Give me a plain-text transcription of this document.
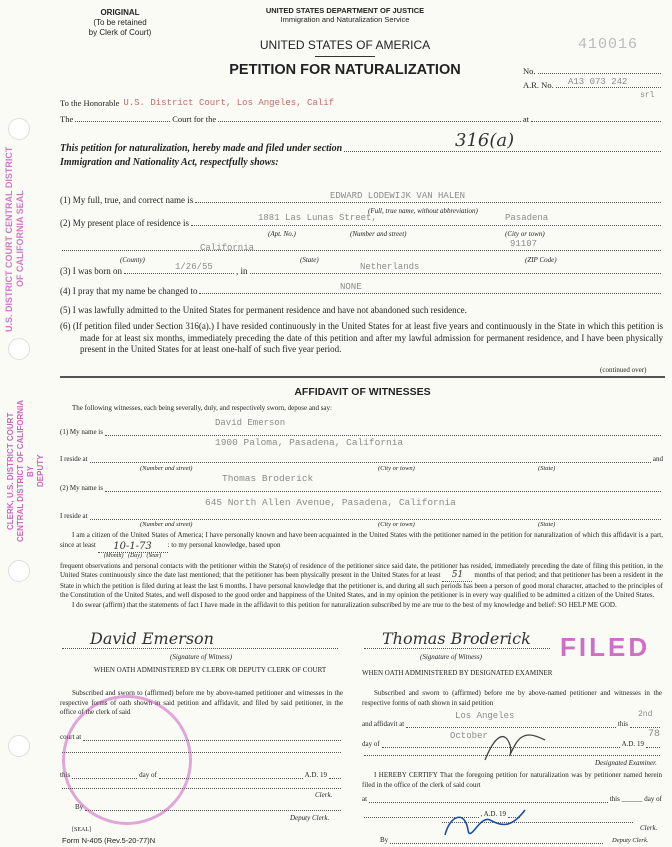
ORIGINAL
(To be retained
by Clerk of Court)
UNITED STATES DEPARTMENT OF JUSTICE
Immigration and Naturalization Service
UNITED STATES OF AMERICA
PETITION FOR NATURALIZATION
410016
No.
A.R. No. A13 073 242
srl
To the Honorable U.S. District Court, Los Angeles, Calif
The	Court for the	at
This petition for naturalization, hereby made and filed under section	316(a)
Immigration and Nationality Act, respectfully shows:
(1) My full, true, and correct name is	EDWARD LODEWIJK VAN HALEN
(Full, true name, without abbreviation)
(2) My present place of residence is	1881 Las Lunas Street,	Pasadena
(Apt. No.)	(Number and street)	(City or town)
91107
California
(County)	(State)	(ZIP Code)
(3) I was born on	, in
1/26/55	Netherlands
(4) I pray that my name be changed to	NONE
(5) I was lawfully admitted to the United States for permanent residence and have not abandoned such residence.
(6) (If petition filed under Section 316(a).) I have resided continuously in the United States for at least five years and continuously in the State in which this petition is made for at least six months, immediately preceding the date of this petition and after my lawful admission for permanent residence, and I have been physically present in the United States for at least one-half of such five year period.
(continued over)
AFFIDAVIT OF WITNESSES
The following witnesses, each being severally, duly, and respectively sworn, depose and say:
(1) My name is
David Emerson
1900 Paloma, Pasadena, California
I reside at	and
(Number and street)	(City or town)	(State)
(2) My name is
Thomas Broderick
645 North Allen Avenue, Pasadena, California
I reside at
(Number and street)	(City or town)	(State)

I am a citizen of the United States of America; I have personally known and have been acquainted in the United States with the petitioner named in the petition for naturalization of which this affidavit is a part, since at least	10-1-73
(Month)   (Day)   (Year)
: to my personal knowledge, based upon

frequent observations and personal contacts with the petitioner within the State(s) of residence of the petitioner since said date, the petitioner has resided, immediately preceding the date of filing this petition, in the United States continuously since the date last mentioned; that the petitioner has been physically present in the United States for at least 51 months of that period; and that petitioner has been a resident in the State in which the petition is filed during at least the last 6 months. I have personal knowledge that the petitioner is, and during all such periods has been a person of good moral character, attached to the principles of the Constitution of the United States, and well disposed to the good order and happiness of the United States, and in my opinion the petitioner is in every way qualified to be admitted a citizen of the United States.

I do swear (affirm) that the statements of fact I have made in the affidavit to this petition for naturalization subscribed by me are true to the best of my knowledge and belief: SO HELP ME GOD.

David Emerson
(Signature of Witness)
Thomas Broderick
(Signature of Witness)
WHEN OATH ADMINISTERED BY CLERK OR DEPUTY CLERK OF COURT
Subscribed and sworn to (affirmed) before me by above-named petitioner and witnesses in the respective forms of oath shown in said petition and affidavit, and filed by said petitioner, in the office of the clerk of said
court at
this	day of	A.D. 19
Clerk.
By
Deputy Clerk.
[SEAL]
Form N-405 (Rev.5-20-77)N
U.S. DISTRICT COURT CENTRAL DISTRICT OF CALIFORNIA SEAL
WHEN OATH ADMINISTERED BY DESIGNATED EXAMINER
Subscribed and sworn to (affirmed) before me by above-named petitioner and witnesses in the respective forms of oath shown in said petition
and affidavit at	this
Los Angeles	2nd
day of	A.D. 19
October	78
Designated Examiner.
I HEREBY CERTIFY That the foregoing petition for naturalization was by petitioner named herein filed in the office of the clerk of said court
at	this ______ day of
, A.D. 19
Clerk.
By	Deputy Clerk.
FILED
CLERK, U.S. DISTRICT COURT CENTRAL DISTRICT OF CALIFORNIA BY DEPUTY
